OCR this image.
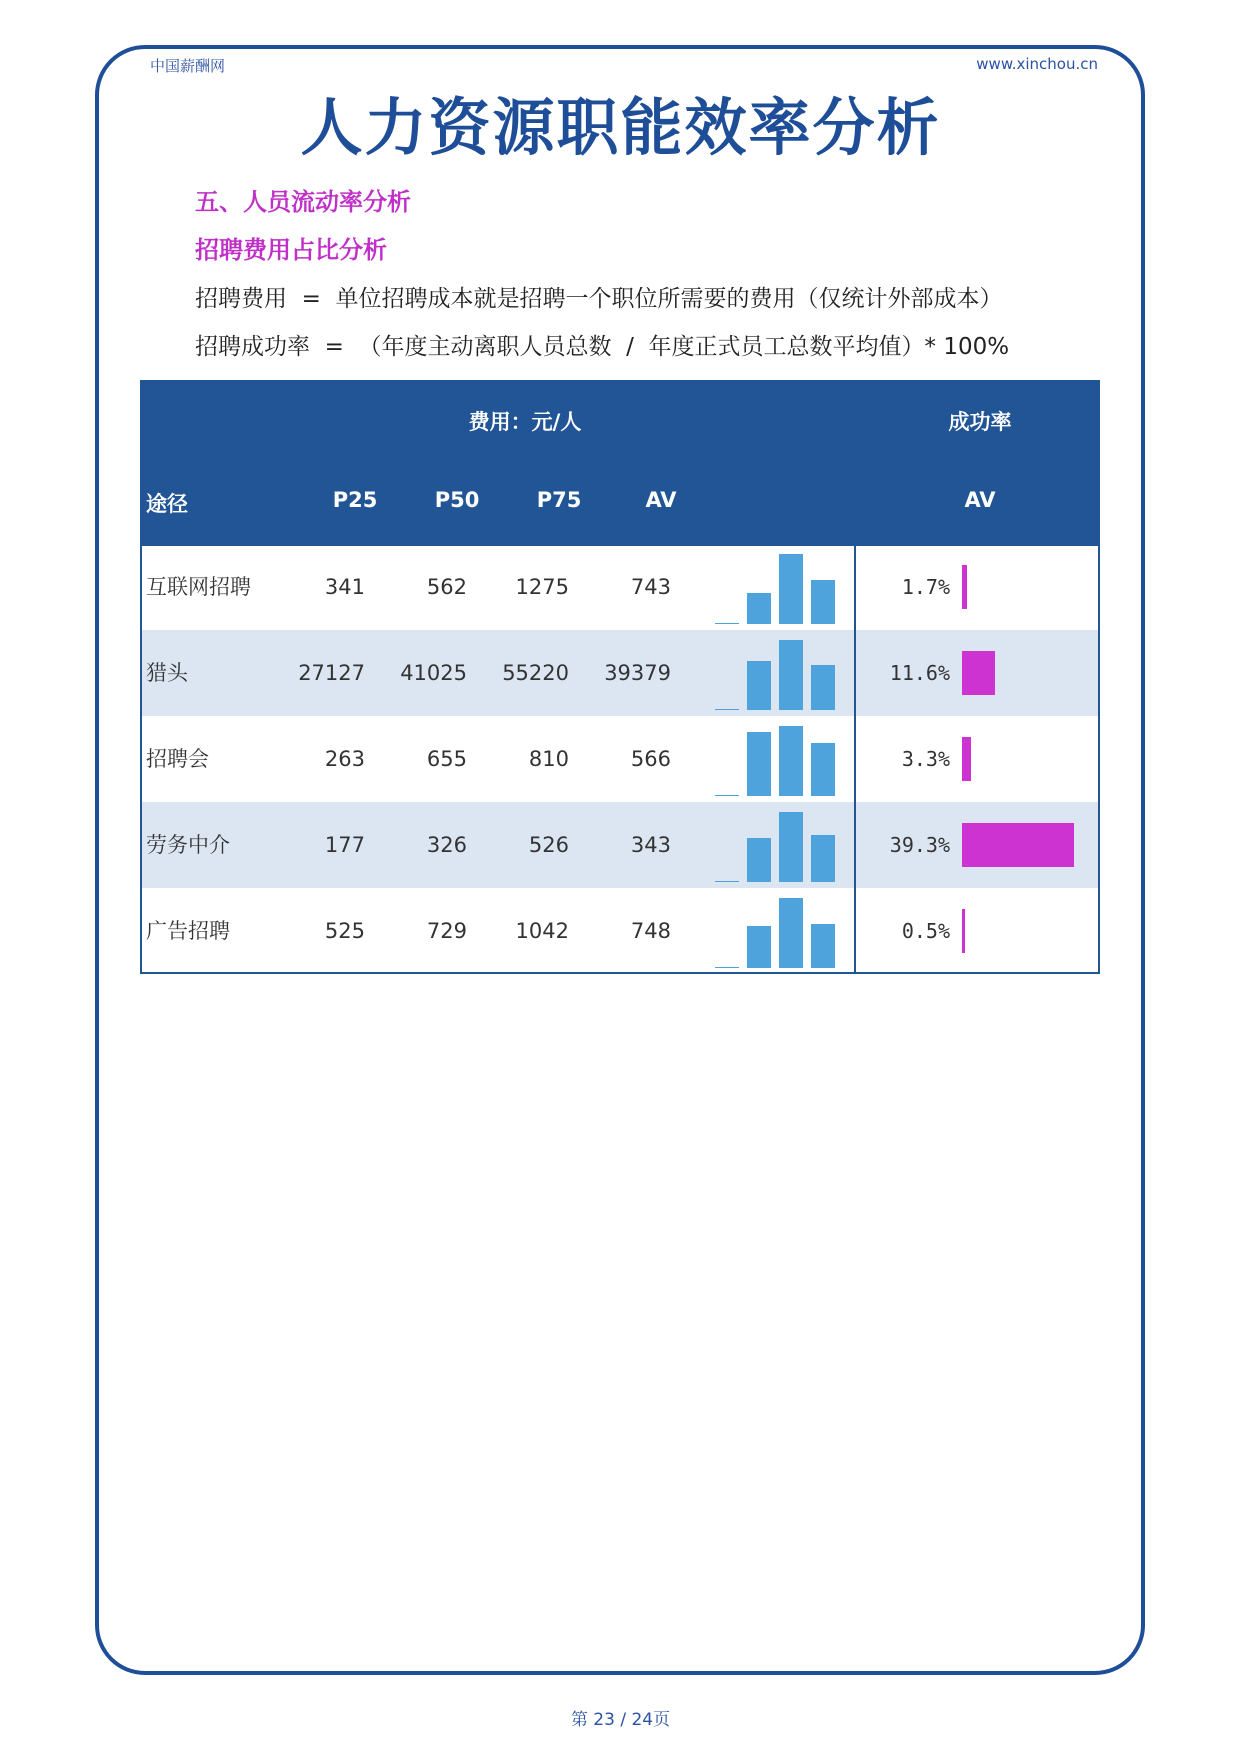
中国薪酬网	www.xinchou.cn
人力资源职能效率分析
五、人员流动率分析
招聘费用占比分析
招聘费用  =  单位招聘成本就是招聘一个职位所需要的费用（仅统计外部成本）
招聘成功率  =  （年度主动离职人员总数  /  年度正式员工总数平均值）* 100%
费用：元/人	成功率
途径	P25	P50	P75	AV	AV
互联网招聘	341	562	1275	743	1.7%
猎头	27127	41025	55220	39379	11.6%
招聘会	263	655	810	566	3.3%
劳务中介	177	326	526	343	39.3%
广告招聘	525	729	1042	748	0.5%
第 23 / 24页
